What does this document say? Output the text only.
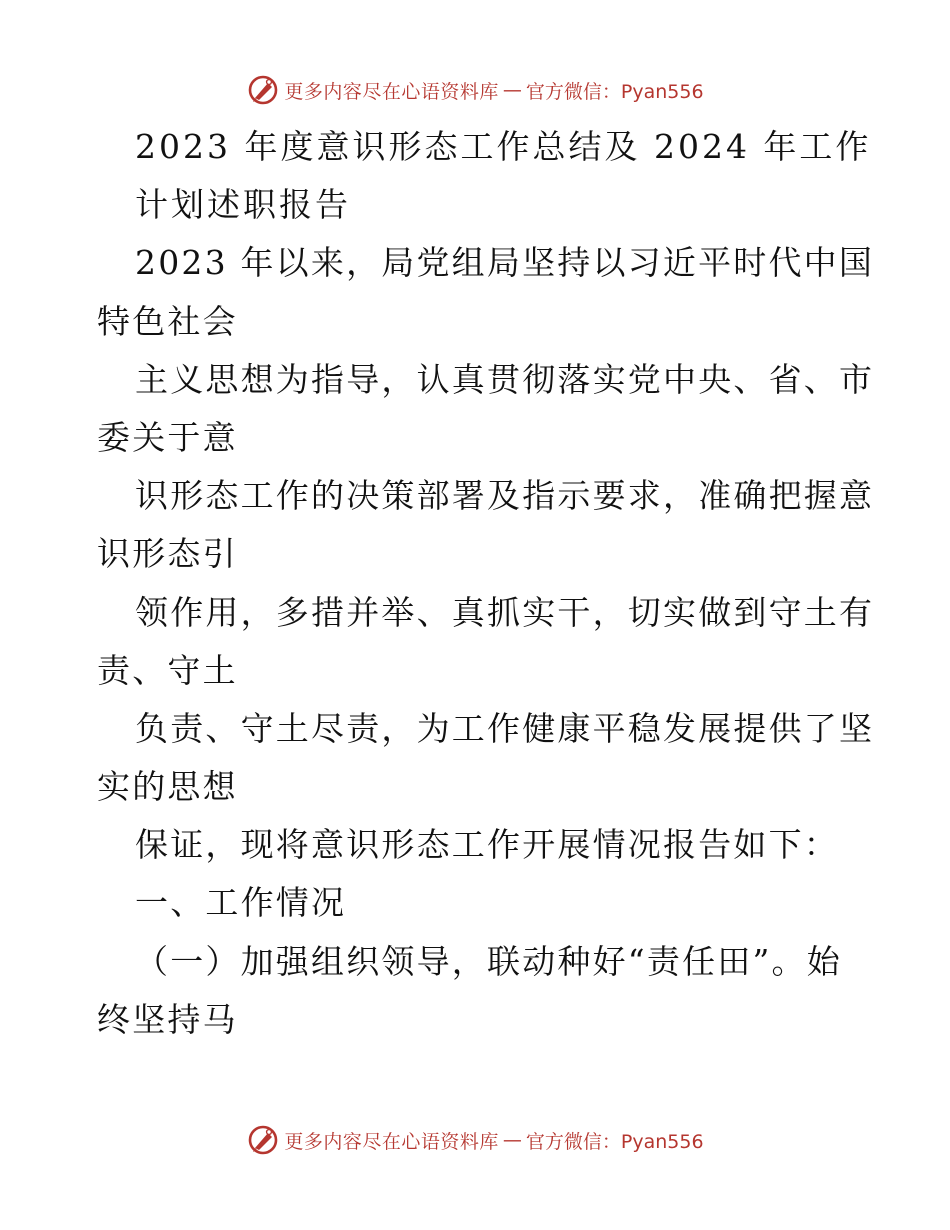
更多内容尽在心语资料库 — 官方微信：Pyan556
2023 年度意识形态工作总结及 2024 年工作
计划述职报告
2023 年以来，局党组局坚持以习近平时代中国
特色社会
主义思想为指导，认真贯彻落实党中央、省、市
委关于意
识形态工作的决策部署及指示要求，准确把握意
识形态引
领作用，多措并举、真抓实干，切实做到守土有
责、守土
负责、守土尽责，为工作健康平稳发展提供了坚
实的思想
保证，现将意识形态工作开展情况报告如下：
一、工作情况
（一）加强组织领导，联动种好“责任田”。始
终坚持马
更多内容尽在心语资料库 — 官方微信：Pyan556
